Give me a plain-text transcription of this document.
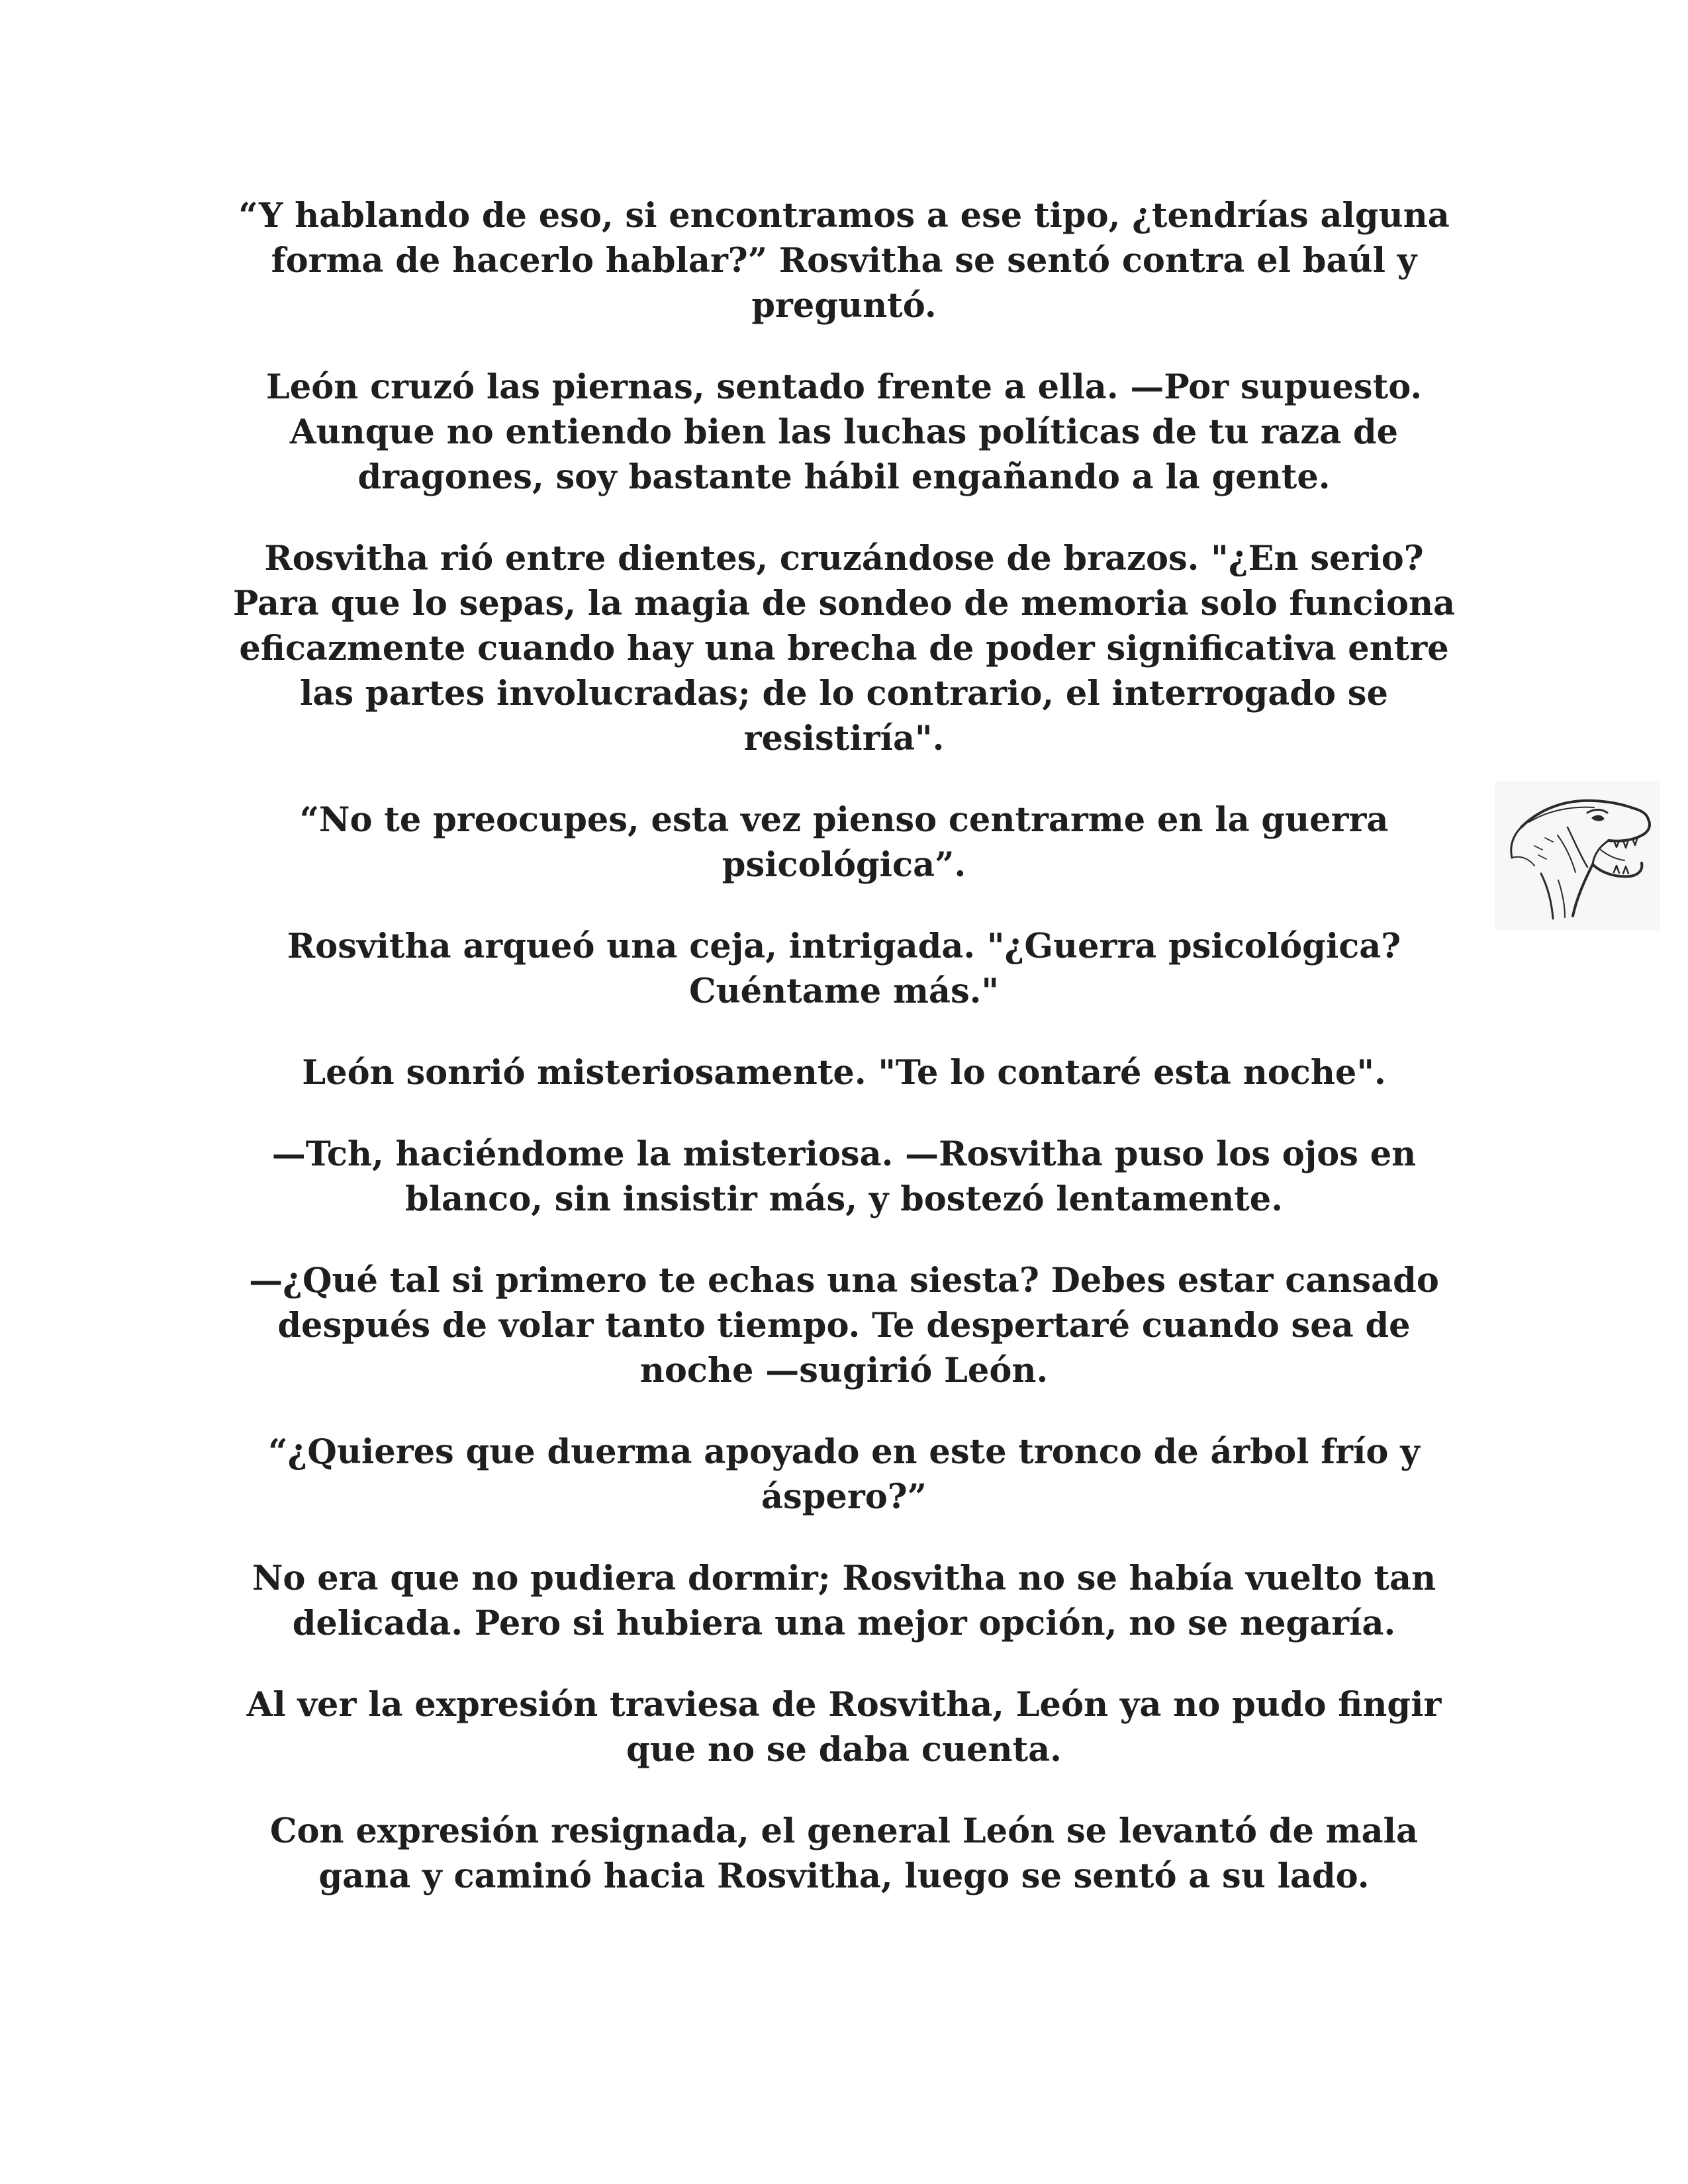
“Y hablando de eso, si encontramos a ese tipo, ¿tendrías alguna forma de hacerlo hablar?” Rosvitha se sentó contra el baúl y preguntó.

León cruzó las piernas, sentado frente a ella. —Por supuesto. Aunque no entiendo bien las luchas políticas de tu raza de dragones, soy bastante hábil engañando a la gente.

Rosvitha rió entre dientes, cruzándose de brazos. "¿En serio? Para que lo sepas, la magia de sondeo de memoria solo funciona eficazmente cuando hay una brecha de poder significativa entre las partes involucradas; de lo contrario, el interrogado se resistiría".

“No te preocupes, esta vez pienso centrarme en la guerra psicológica”.

Rosvitha arqueó una ceja, intrigada. "¿Guerra psicológica? Cuéntame más."

León sonrió misteriosamente. "Te lo contaré esta noche".

—Tch, haciéndome la misteriosa. —Rosvitha puso los ojos en blanco, sin insistir más, y bostezó lentamente.

—¿Qué tal si primero te echas una siesta? Debes estar cansado después de volar tanto tiempo. Te despertaré cuando sea de noche —sugirió León.

“¿Quieres que duerma apoyado en este tronco de árbol frío y áspero?”

No era que no pudiera dormir; Rosvitha no se había vuelto tan delicada. Pero si hubiera una mejor opción, no se negaría.

Al ver la expresión traviesa de Rosvitha, León ya no pudo fingir que no se daba cuenta.

Con expresión resignada, el general León se levantó de mala gana y caminó hacia Rosvitha, luego se sentó a su lado.
